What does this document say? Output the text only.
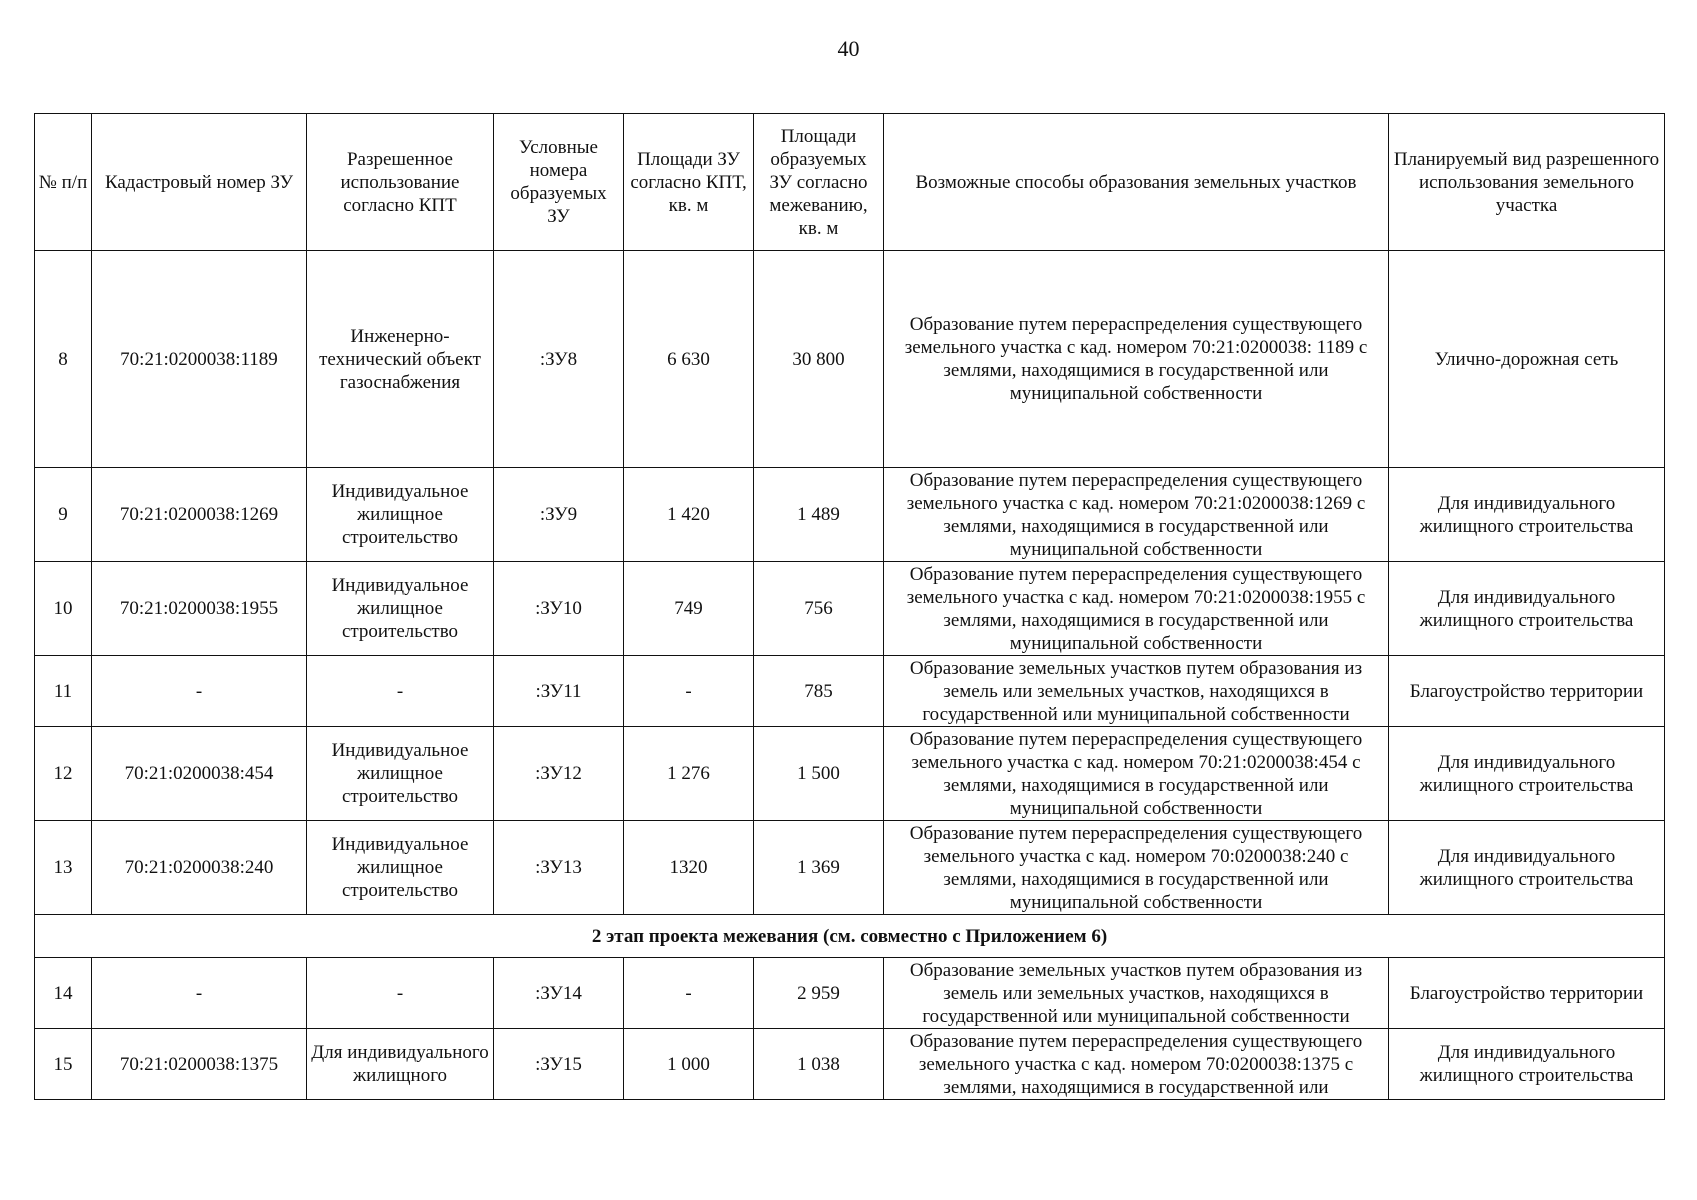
40
№ п/п	Кадастровый номер ЗУ	Разрешенное использование согласно КПТ	Условные номера образуемых ЗУ	Площади ЗУ согласно КПТ, кв. м	Площади образуемых ЗУ согласно межеванию, кв. м	Возможные способы образования земельных участков	Планируемый вид разрешенного использования земельного участка
8	70:21:0200038:1189	Инженерно-технический объект газоснабжения	:ЗУ8	6 630	30 800	Образование путем перераспределения существующего земельного участка с кад. номером 70:21:0200038: 1189 с землями, находящимися в государственной или муниципальной собственности	Улично-дорожная сеть
9	70:21:0200038:1269	Индивидуальное жилищное строительство	:ЗУ9	1 420	1 489	Образование путем перераспределения существующего земельного участка с кад. номером 70:21:0200038:1269 с землями, находящимися в государственной или муниципальной собственности	Для индивидуального жилищного строительства
10	70:21:0200038:1955	Индивидуальное жилищное строительство	:ЗУ10	749	756	Образование путем перераспределения существующего земельного участка с кад. номером 70:21:0200038:1955 с землями, находящимися в государственной или муниципальной собственности	Для индивидуального жилищного строительства
11	-	-	:ЗУ11	-	785	Образование земельных участков путем образования из земель или земельных участков, находящихся в государственной или муниципальной собственности	Благоустройство территории
12	70:21:0200038:454	Индивидуальное жилищное строительство	:ЗУ12	1 276	1 500	Образование путем перераспределения существующего земельного участка с кад. номером 70:21:0200038:454 с землями, находящимися в государственной или муниципальной собственности	Для индивидуального жилищного строительства
13	70:21:0200038:240	Индивидуальное жилищное строительство	:ЗУ13	1320	1 369	Образование путем перераспределения существующего земельного участка с кад. номером 70:0200038:240 с землями, находящимися в государственной или муниципальной собственности	Для индивидуального жилищного строительства
2 этап проекта межевания (см. совместно с Приложением 6)							
14	-	-	:ЗУ14	-	2 959	Образование земельных участков путем образования из земель или земельных участков, находящихся в государственной или муниципальной собственности	Благоустройство территории
15	70:21:0200038:1375	Для индивидуального жилищного	:ЗУ15	1 000	1 038	Образование путем перераспределения существующего земельного участка с кад. номером 70:0200038:1375 с землями, находящимися в государственной или	Для индивидуального жилищного строительства
